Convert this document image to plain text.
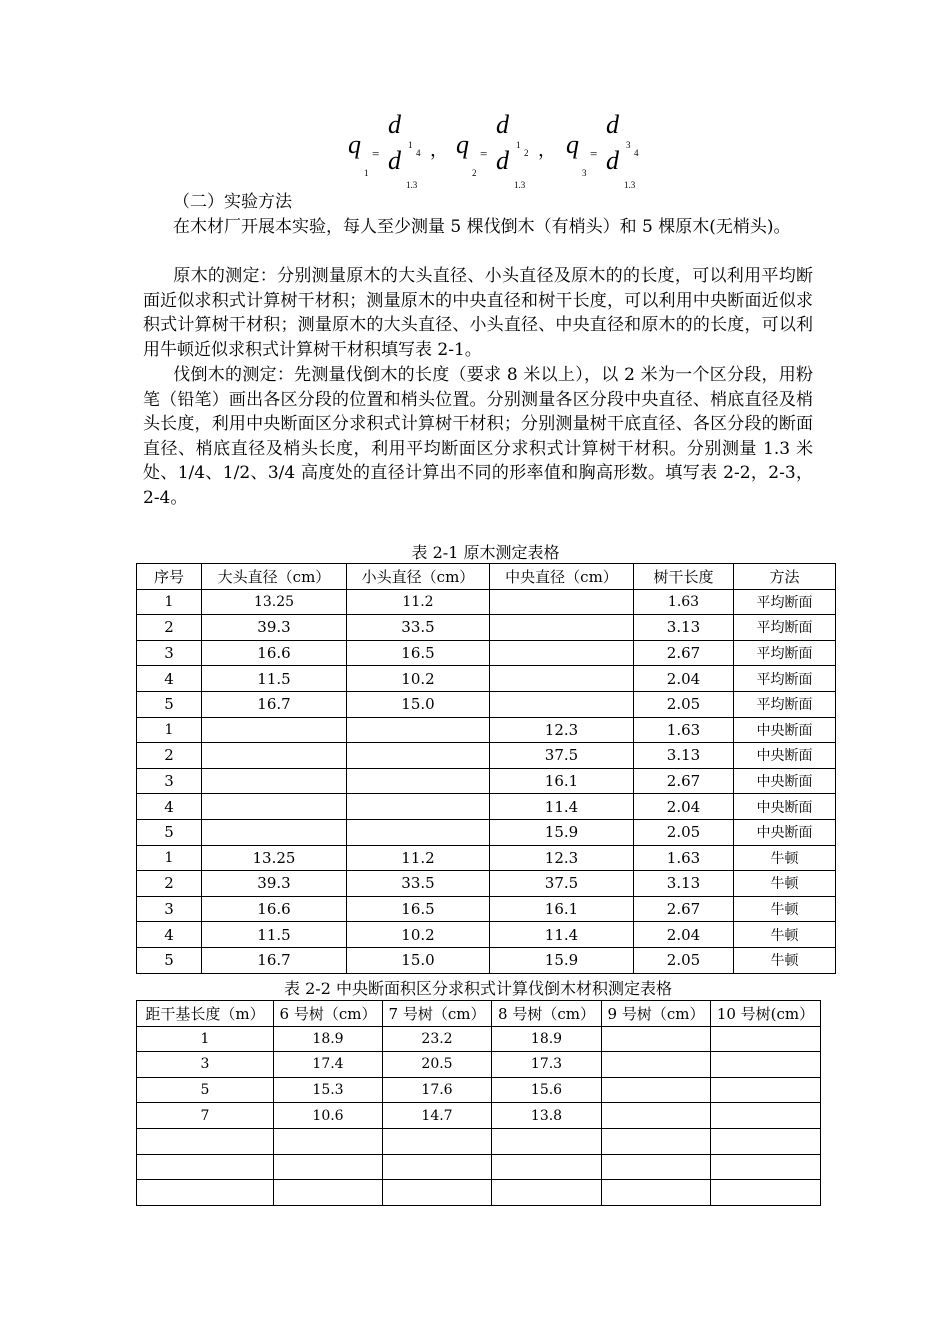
q
1
=
d
d
1
4
1.3
， q
2
=
d
d
1
2
1.3
， q
3
=
d
d
3
4
1.3

（二）实验方法

在木材厂开展本实验，每人至少测量 5 棵伐倒木（有梢头）和 5 棵原木(无梢头)。

原木的测定：分别测量原木的大头直径、小头直径及原木的的长度，可以利用平均断面近似求积式计算树干材积；测量原木的中央直径和树干长度，可以利用中央断面近似求积式计算树干材积；测量原木的大头直径、小头直径、中央直径和原木的的长度，可以利用牛顿近似求积式计算树干材积填写表 2-1。

伐倒木的测定：先测量伐倒木的长度（要求 8 米以上），以 2 米为一个区分段，用粉笔（铅笔）画出各区分段的位置和梢头位置。分别测量各区分段中央直径、梢底直径及梢头长度，利用中央断面区分求积式计算树干材积；分别测量树干底直径、各区分段的断面直径、梢底直径及梢头长度，利用平均断面区分求积式计算树干材积。分别测量 1.3 米处、1/4、1/2、3/4 高度处的直径计算出不同的形率值和胸高形数。填写表 2-2，2-3，2-4。

表 2-1 原木测定表格

序号	大头直径（cm）	小头直径（cm）	中央直径（cm）	树干长度	方法
1	13.25	11.2		1.63	平均断面
2	39.3	33.5		3.13	平均断面
3	16.6	16.5		2.67	平均断面
4	11.5	10.2		2.04	平均断面
5	16.7	15.0		2.05	平均断面
1			12.3	1.63	中央断面
2			37.5	3.13	中央断面
3			16.1	2.67	中央断面
4			11.4	2.04	中央断面
5			15.9	2.05	中央断面
1	13.25	11.2	12.3	1.63	牛顿
2	39.3	33.5	37.5	3.13	牛顿
3	16.6	16.5	16.1	2.67	牛顿
4	11.5	10.2	11.4	2.04	牛顿
5	16.7	15.0	15.9	2.05	牛顿

表 2-2 中央断面积区分求积式计算伐倒木材积测定表格

距干基长度（m）	6 号树（cm）	7 号树（cm）	8 号树（cm）	9 号树（cm）	10 号树(cm）
1	18.9	23.2	18.9		
3	17.4	20.5	17.3		
5	15.3	17.6	15.6		
7	10.6	14.7	13.8		
